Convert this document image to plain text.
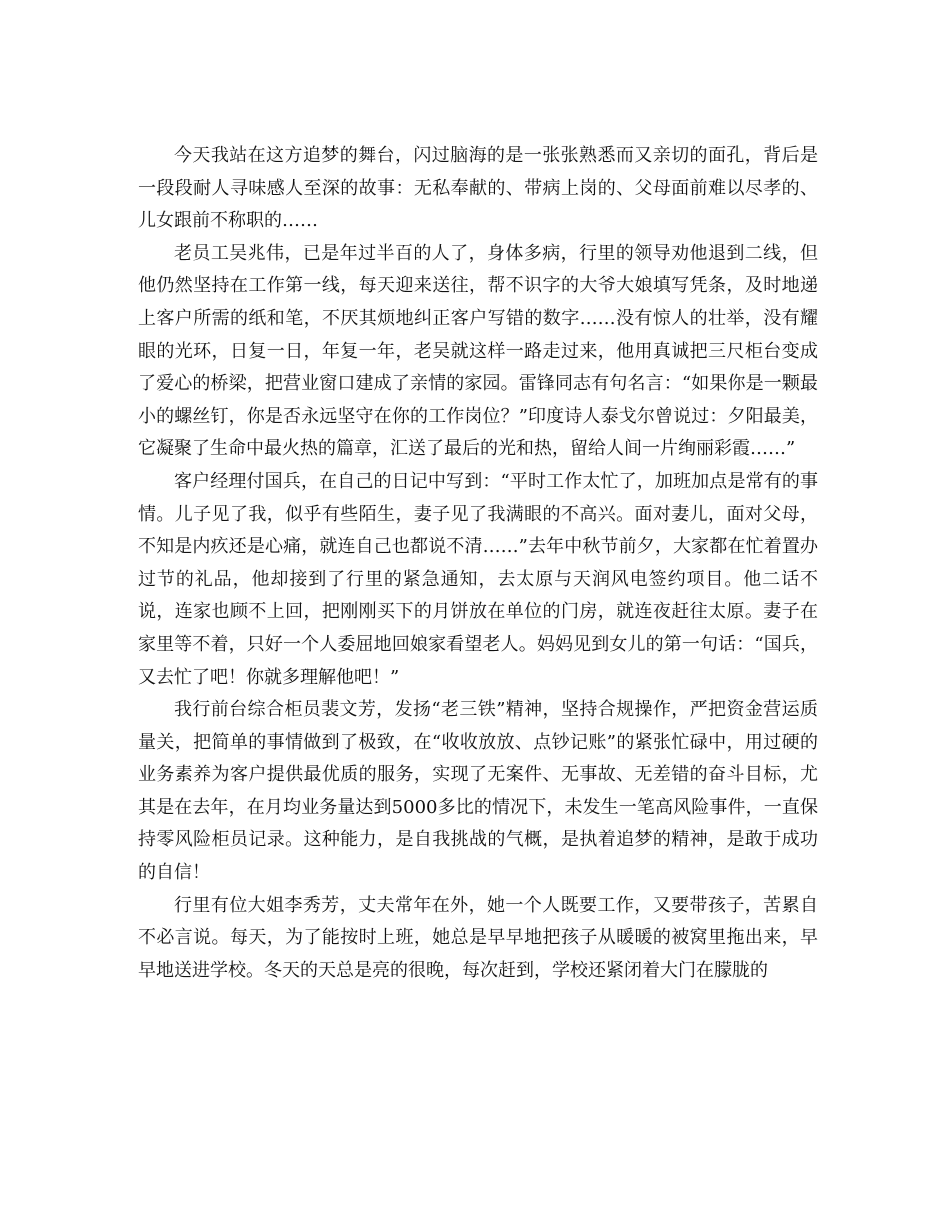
今天我站在这方追梦的舞台，闪过脑海的是一张张熟悉而又亲切的面孔，背后是一段段耐人寻味感人至深的故事：无私奉献的、带病上岗的、父母面前难以尽孝的、儿女跟前不称职的……

老员工吴兆伟，已是年过半百的人了，身体多病，行里的领导劝他退到二线，但他仍然坚持在工作第一线，每天迎来送往，帮不识字的大爷大娘填写凭条，及时地递上客户所需的纸和笔，不厌其烦地纠正客户写错的数字……没有惊人的壮举，没有耀眼的光环，日复一日，年复一年，老吴就这样一路走过来，他用真诚把三尺柜台变成了爱心的桥梁，把营业窗口建成了亲情的家园。雷锋同志有句名言：“如果你是一颗最小的螺丝钉，你是否永远坚守在你的工作岗位？”印度诗人泰戈尔曾说过：夕阳最美，它凝聚了生命中最火热的篇章，汇送了最后的光和热，留给人间一片绚丽彩霞……”

客户经理付国兵，在自己的日记中写到：“平时工作太忙了，加班加点是常有的事情。儿子见了我，似乎有些陌生，妻子见了我满眼的不高兴。面对妻儿，面对父母，不知是内疚还是心痛，就连自己也都说不清……”去年中秋节前夕，大家都在忙着置办过节的礼品，他却接到了行里的紧急通知，去太原与天润风电签约项目。他二话不说，连家也顾不上回，把刚刚买下的月饼放在单位的门房，就连夜赶往太原。妻子在家里等不着，只好一个人委屈地回娘家看望老人。妈妈见到女儿的第一句话：“国兵，又去忙了吧！你就多理解他吧！”

我行前台综合柜员裴文芳，发扬“老三铁”精神，坚持合规操作，严把资金营运质量关，把简单的事情做到了极致，在“收收放放、点钞记账”的紧张忙碌中，用过硬的业务素养为客户提供最优质的服务，实现了无案件、无事故、无差错的奋斗目标，尤其是在去年，在月均业务量达到5000多比的情况下，未发生一笔高风险事件，一直保持零风险柜员记录。这种能力，是自我挑战的气概，是执着追梦的精神，是敢于成功的自信！

行里有位大姐李秀芳，丈夫常年在外，她一个人既要工作，又要带孩子，苦累自不必言说。每天，为了能按时上班，她总是早早地把孩子从暖暖的被窝里拖出来，早早地送进学校。冬天的天总是亮的很晚，每次赶到，学校还紧闭着大门在朦胧的
